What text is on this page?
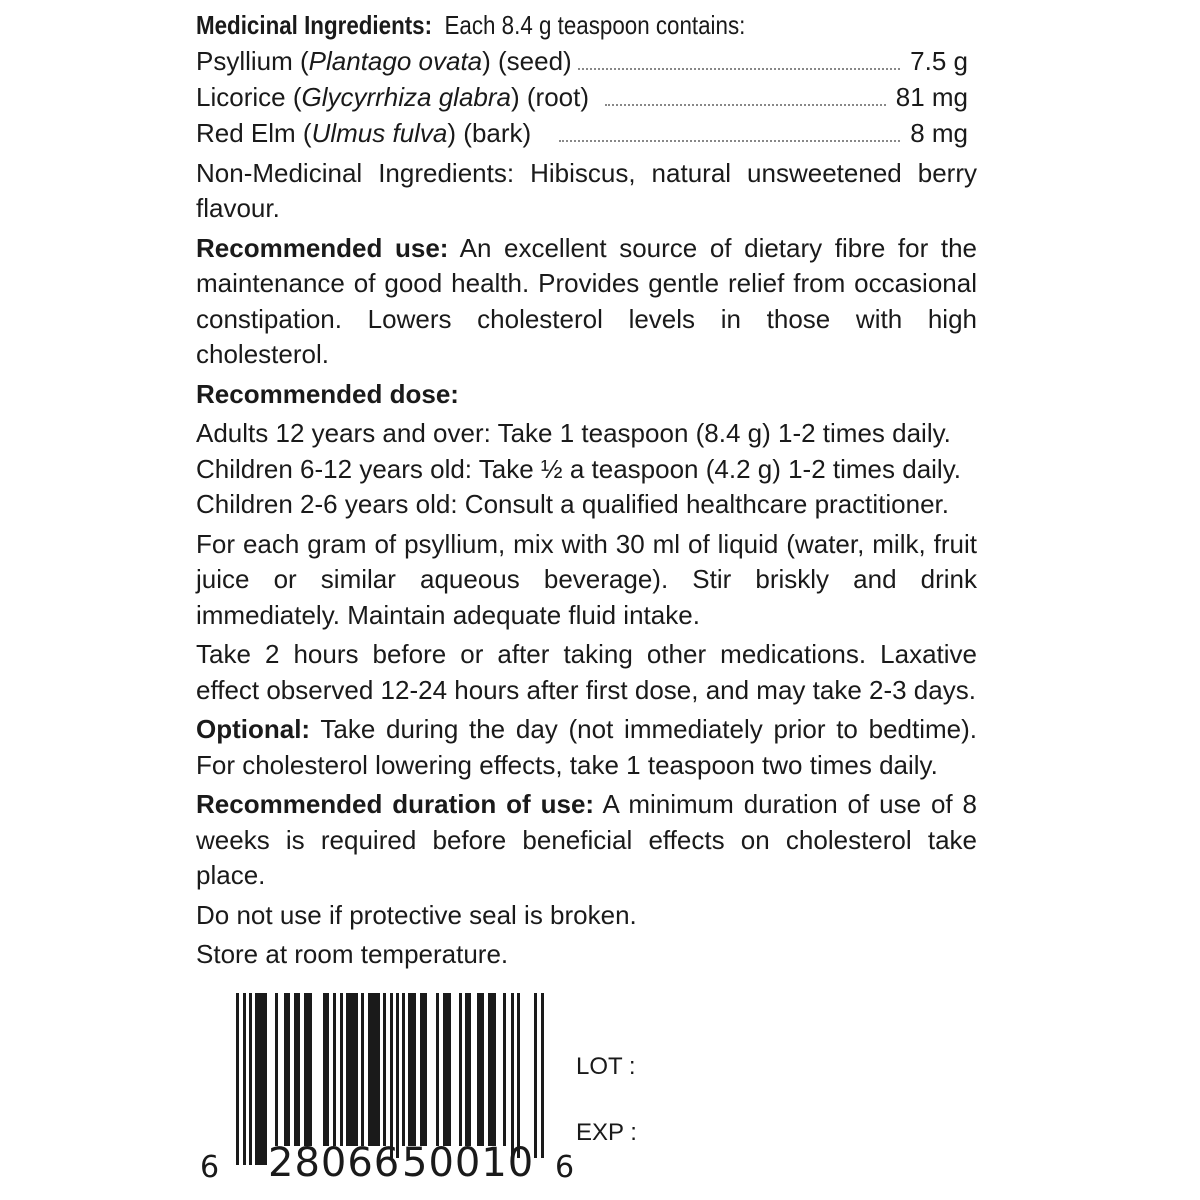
Medicinal Ingredients: Each 8.4 g teaspoon contains:
Psyllium (Plantago ovata) (seed)	7.5 g
Licorice (Glycyrrhiza glabra) (root)	81 mg
Red Elm (Ulmus fulva) (bark)	8 mg

Non-Medicinal Ingredients: Hibiscus, natural unsweetened berry flavour.

Recommended use: An excellent source of dietary fibre for the maintenance of good health. Provides gentle relief from occasional constipation. Lowers cholesterol levels in those with high cholesterol.

Recommended dose:

Adults 12 years and over: Take 1 teaspoon (8.4 g) 1-2 times daily.
Children 6-12 years old: Take ½ a teaspoon (4.2 g) 1-2 times daily.
Children 2-6 years old: Consult a qualified healthcare practitioner.

For each gram of psyllium, mix with 30 ml of liquid (water, milk, fruit juice or similar aqueous beverage). Stir briskly and drink immediately. Maintain adequate fluid intake.

Take 2 hours before or after taking other medications. Laxative effect observed 12-24 hours after first dose, and may take 2-3 days.

Optional: Take during the day (not immediately prior to bedtime). For cholesterol lowering effects, take 1 teaspoon two times daily.

Recommended duration of use: A minimum duration of use of 8 weeks is required before beneficial effects on cholesterol take place.

Do not use if protective seal is broken.

Store at room temperature.

6 28066 50010 6
LOT :
EXP :
